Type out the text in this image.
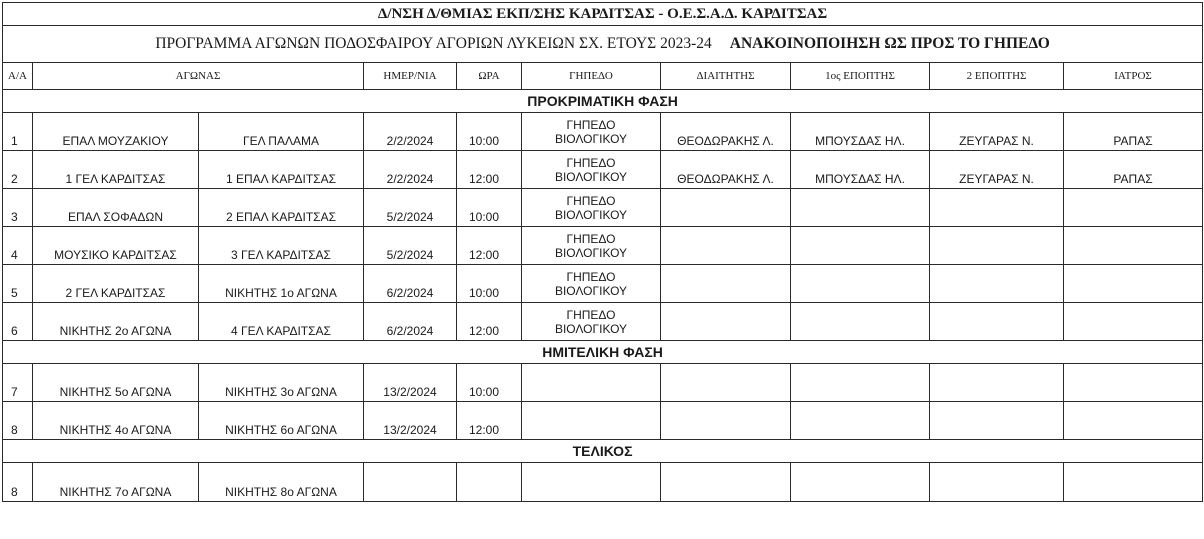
Δ/ΝΣΗ Δ/ΘΜΙΑΣ ΕΚΠ/ΣΗΣ ΚΑΡΔΙΤΣΑΣ - Ο.Ε.Σ.Α.Δ. ΚΑΡΔΙΤΣΑΣ									
ΠΡΟΓΡΑΜΜΑ ΑΓΩΝΩΝ ΠΟΔΟΣΦΑΙΡΟΥ ΑΓΟΡΙΩΝ ΛΥΚΕΙΩΝ ΣΧ. ΕΤΟΥΣ 2023-24 ΑΝΑΚΟΙΝΟΠΟΙΗΣΗ ΩΣ ΠΡΟΣ ΤΟ ΓΗΠΕΔΟ									
Α/Α	ΑΓΩΝΑΣ		ΗΜΕΡ/ΝΙΑ	ΩΡΑ	ΓΗΠΕΔΟ	ΔΙΑΙΤΗΤΗΣ	1ος ΕΠΟΠΤΗΣ	2 ΕΠΟΠΤΗΣ	ΙΑΤΡΟΣ
ΠΡΟΚΡΙΜΑΤΙΚΗ ΦΑΣΗ									
1	ΕΠΑΛ ΜΟΥΖΑΚΙΟΥ	ΓΕΛ ΠΑΛΑΜΑ	2/2/2024	10:00	ΓΗΠΕΔΟ
ΒΙΟΛΟΓΙΚΟΥ	ΘΕΟΔΩΡΑΚΗΣ Λ.	ΜΠΟΥΣΔΑΣ ΗΛ.	ΖΕΥΓΑΡΑΣ Ν.	ΡΑΠΑΣ
2	1 ΓΕΛ ΚΑΡΔΙΤΣΑΣ	1 ΕΠΑΛ ΚΑΡΔΙΤΣΑΣ	2/2/2024	12:00	ΓΗΠΕΔΟ
ΒΙΟΛΟΓΙΚΟΥ	ΘΕΟΔΩΡΑΚΗΣ Λ.	ΜΠΟΥΣΔΑΣ ΗΛ.	ΖΕΥΓΑΡΑΣ Ν.	ΡΑΠΑΣ
3	ΕΠΑΛ ΣΟΦΑΔΩΝ	2 ΕΠΑΛ ΚΑΡΔΙΤΣΑΣ	5/2/2024	10:00	ΓΗΠΕΔΟ
ΒΙΟΛΟΓΙΚΟΥ				

4	ΜΟΥΣΙΚΟ ΚΑΡΔΙΤΣΑΣ	3 ΓΕΛ ΚΑΡΔΙΤΣΑΣ	5/2/2024	12:00	ΓΗΠΕΔΟ
ΒΙΟΛΟΓΙΚΟΥ				

5	2 ΓΕΛ ΚΑΡΔΙΤΣΑΣ	ΝΙΚΗΤΗΣ 1ο ΑΓΩΝΑ	6/2/2024	10:00	ΓΗΠΕΔΟ
ΒΙΟΛΟΓΙΚΟΥ				

6	ΝΙΚΗΤΗΣ 2ο ΑΓΩΝΑ	4 ΓΕΛ ΚΑΡΔΙΤΣΑΣ	6/2/2024	12:00	ΓΗΠΕΔΟ
ΒΙΟΛΟΓΙΚΟΥ				

ΗΜΙΤΕΛΙΚΗ ΦΑΣΗ									
7	ΝΙΚΗΤΗΣ 5ο ΑΓΩΝΑ	ΝΙΚΗΤΗΣ 3ο ΑΓΩΝΑ	13/2/2024	10:00	

8	ΝΙΚΗΤΗΣ 4ο ΑΓΩΝΑ	ΝΙΚΗΤΗΣ 6ο ΑΓΩΝΑ	13/2/2024	12:00	

ΤΕΛΙΚΟΣ									
8	ΝΙΚΗΤΗΣ 7ο ΑΓΩΝΑ	ΝΙΚΗΤΗΣ 8ο ΑΓΩΝΑ			
